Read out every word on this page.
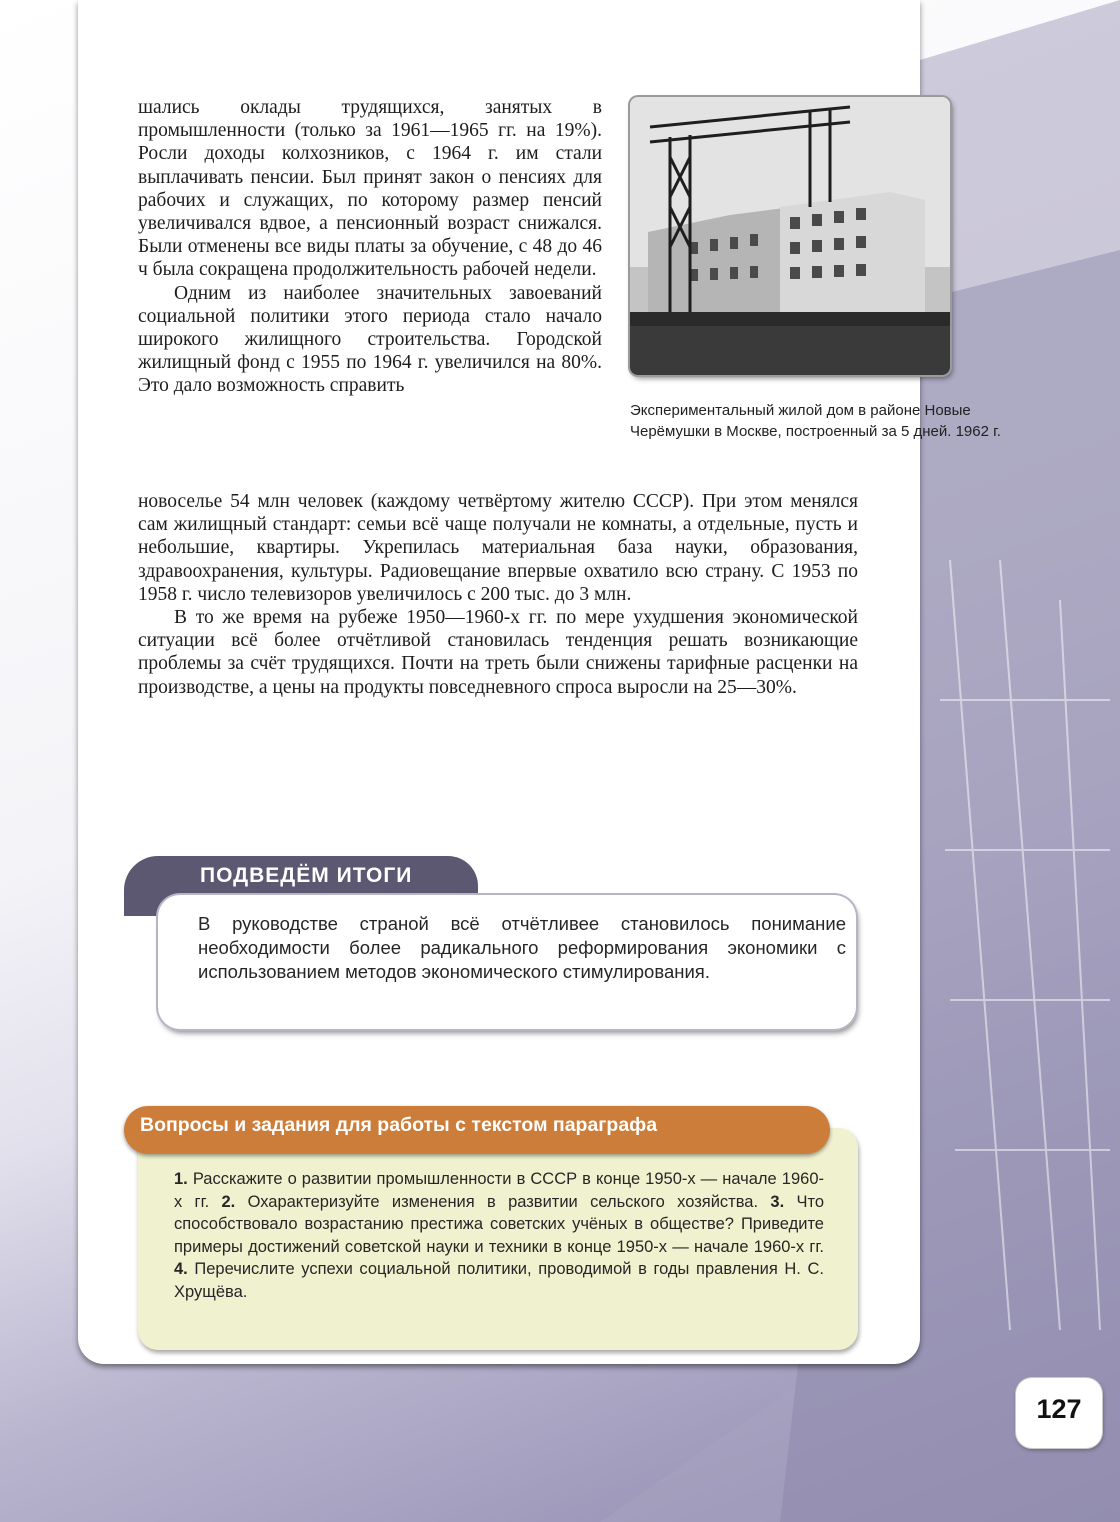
шались оклады трудящихся, занятых в промышленности (только за 1961—1965 гг. на 19%). Росли доходы колхозников, с 1964 г. им стали выплачивать пенсии. Был принят закон о пенсиях для рабочих и служащих, по которому размер пенсий увеличивался вдвое, а пенсионный возраст снижался. Были отменены все виды платы за обучение, с 48 до 46 ч была сокращена продолжительность рабочей недели.

Одним из наиболее значительных завоеваний социальной политики этого периода стало начало широкого жилищного строительства. Городской жилищный фонд с 1955 по 1964 г. увеличился на 80%. Это дало возможность справить

Экспериментальный жилой дом в районе Новые Черёмушки в Москве, построенный за 5 дней. 1962 г.

новоселье 54 млн человек (каждому четвёртому жителю СССР). При этом менялся сам жилищный стандарт: семьи всё чаще получали не комнаты, а отдельные, пусть и небольшие, квартиры. Укрепилась материальная база науки, образования, здравоохранения, культуры. Радиовещание впервые охватило всю страну. С 1953 по 1958 г. число телевизоров увеличилось с 200 тыс. до 3 млн.

В то же время на рубеже 1950—1960-х гг. по мере ухудшения экономической ситуации всё более отчётливой становилась тенденция решать возникающие проблемы за счёт трудящихся. Почти на треть были снижены тарифные расценки на производстве, а цены на продукты повседневного спроса выросли на 25—30%.

ПОДВЕДЁМ ИТОГИ
В руководстве страной всё отчётливее становилось понимание необходимости более радикального реформирования экономики с использованием методов экономического стимулирования.
Вопросы и задания для работы с текстом параграфа
1. Расскажите о развитии промышленности в СССР в конце 1950-х — начале 1960-х гг. 2. Охарактеризуйте изменения в развитии сельского хозяйства. 3. Что способствовало возрастанию престижа советских учёных в обществе? Приведите примеры достижений советской науки и техники в конце 1950-х — начале 1960-х гг. 4. Перечислите успехи социальной политики, проводимой в годы правления Н. С. Хрущёва.
127
